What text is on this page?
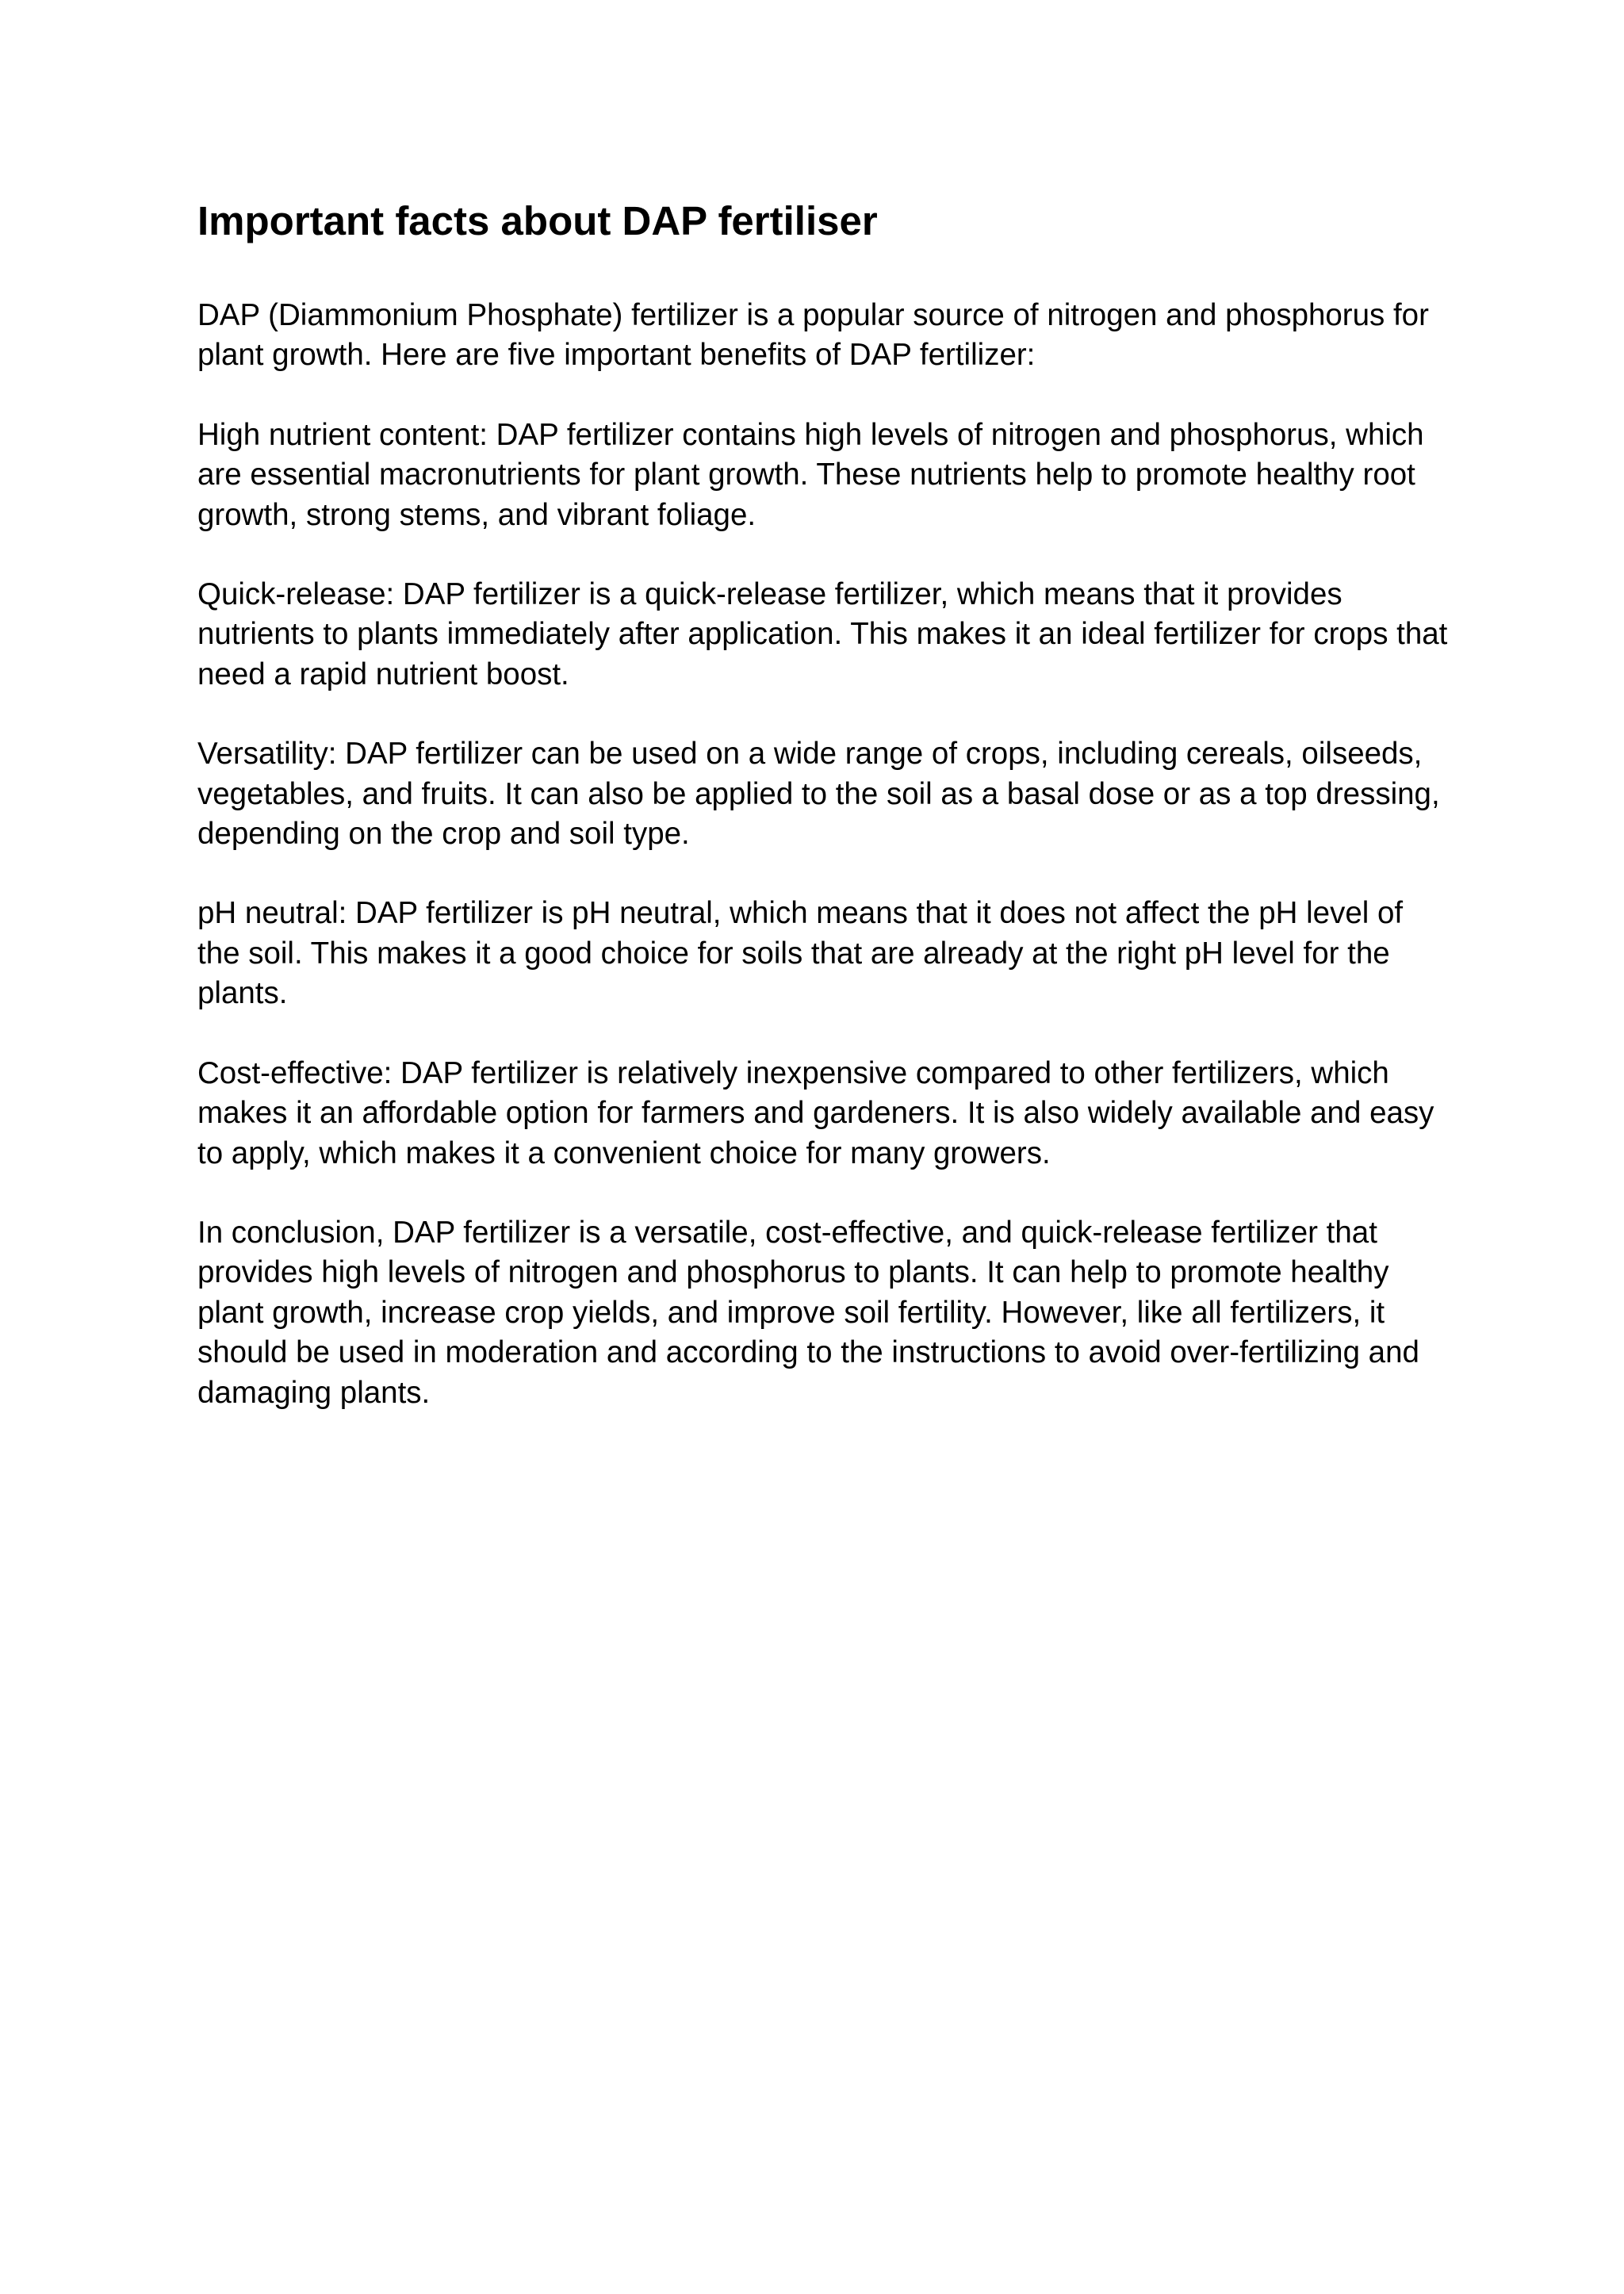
Important facts about DAP fertiliser

DAP (Diammonium Phosphate) fertilizer is a popular source of nitrogen and phosphorus for plant growth. Here are five important benefits of DAP fertilizer:

High nutrient content: DAP fertilizer contains high levels of nitrogen and phosphorus, which are essential macronutrients for plant growth. These nutrients help to promote healthy root growth, strong stems, and vibrant foliage.

Quick-release: DAP fertilizer is a quick-release fertilizer, which means that it provides nutrients to plants immediately after application. This makes it an ideal fertilizer for crops that need a rapid nutrient boost.

Versatility: DAP fertilizer can be used on a wide range of crops, including cereals, oilseeds, vegetables, and fruits. It can also be applied to the soil as a basal dose or as a top dressing, depending on the crop and soil type.

pH neutral: DAP fertilizer is pH neutral, which means that it does not affect the pH level of the soil. This makes it a good choice for soils that are already at the right pH level for the plants.

Cost-effective: DAP fertilizer is relatively inexpensive compared to other fertilizers, which makes it an affordable option for farmers and gardeners. It is also widely available and easy to apply, which makes it a convenient choice for many growers.

In conclusion, DAP fertilizer is a versatile, cost-effective, and quick-release fertilizer that provides high levels of nitrogen and phosphorus to plants. It can help to promote healthy plant growth, increase crop yields, and improve soil fertility. However, like all fertilizers, it should be used in moderation and according to the instructions to avoid over-fertilizing and damaging plants.
